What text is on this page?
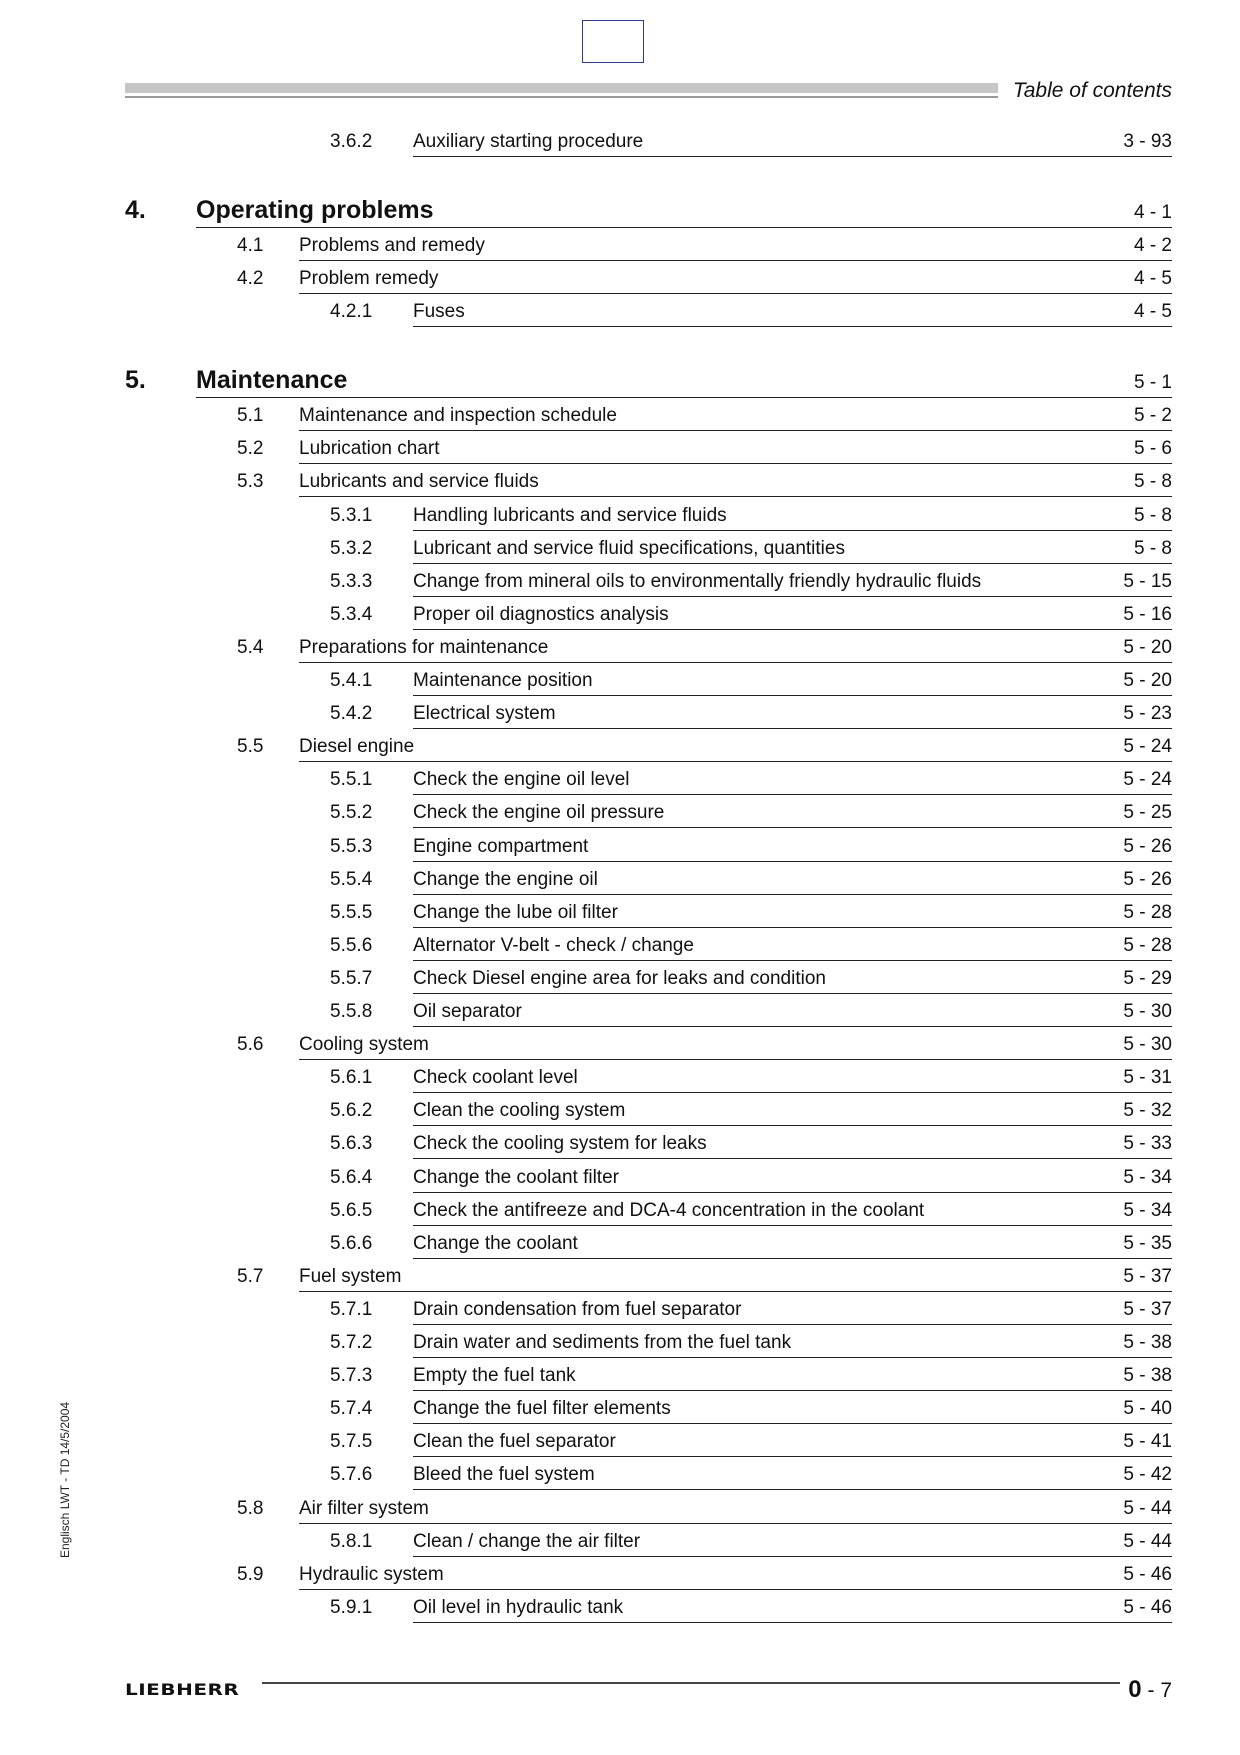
Table of contents
3.6.2 Auxiliary starting procedure	3 - 93
4. Operating problems	4 - 1
4.1 Problems and remedy	4 - 2
4.2 Problem remedy	4 - 5
4.2.1 Fuses	4 - 5
5. Maintenance	5 - 1
5.1 Maintenance and inspection schedule	5 - 2
5.2 Lubrication chart	5 - 6
5.3 Lubricants and service fluids	5 - 8
5.3.1 Handling lubricants and service fluids	5 - 8
5.3.2 Lubricant and service fluid specifications, quantities	5 - 8
5.3.3 Change from mineral oils to environmentally friendly hydraulic fluids	5 - 15
5.3.4 Proper oil diagnostics analysis	5 - 16
5.4 Preparations for maintenance	5 - 20
5.4.1 Maintenance position	5 - 20
5.4.2 Electrical system	5 - 23
5.5 Diesel engine	5 - 24
5.5.1 Check the engine oil level	5 - 24
5.5.2 Check the engine oil pressure	5 - 25
5.5.3 Engine compartment	5 - 26
5.5.4 Change the engine oil	5 - 26
5.5.5 Change the lube oil filter	5 - 28
5.5.6 Alternator V-belt - check / change	5 - 28
5.5.7 Check Diesel engine area for leaks and condition	5 - 29
5.5.8 Oil separator	5 - 30
5.6 Cooling system	5 - 30
5.6.1 Check coolant level	5 - 31
5.6.2 Clean the cooling system	5 - 32
5.6.3 Check the cooling system for leaks	5 - 33
5.6.4 Change the coolant filter	5 - 34
5.6.5 Check the antifreeze and DCA-4 concentration in the coolant	5 - 34
5.6.6 Change the coolant	5 - 35
5.7 Fuel system	5 - 37
5.7.1 Drain condensation from fuel separator	5 - 37
5.7.2 Drain water and sediments from the fuel tank	5 - 38
5.7.3 Empty the fuel tank	5 - 38
5.7.4 Change the fuel filter elements	5 - 40
5.7.5 Clean the fuel separator	5 - 41
5.7.6 Bleed the fuel system	5 - 42
5.8 Air filter system	5 - 44
5.8.1 Clean / change the air filter	5 - 44
5.9 Hydraulic system	5 - 46
5.9.1 Oil level in hydraulic tank	5 - 46
Englisch LWT - TD 14/5/2004
LIEBHERR	0 - 7
